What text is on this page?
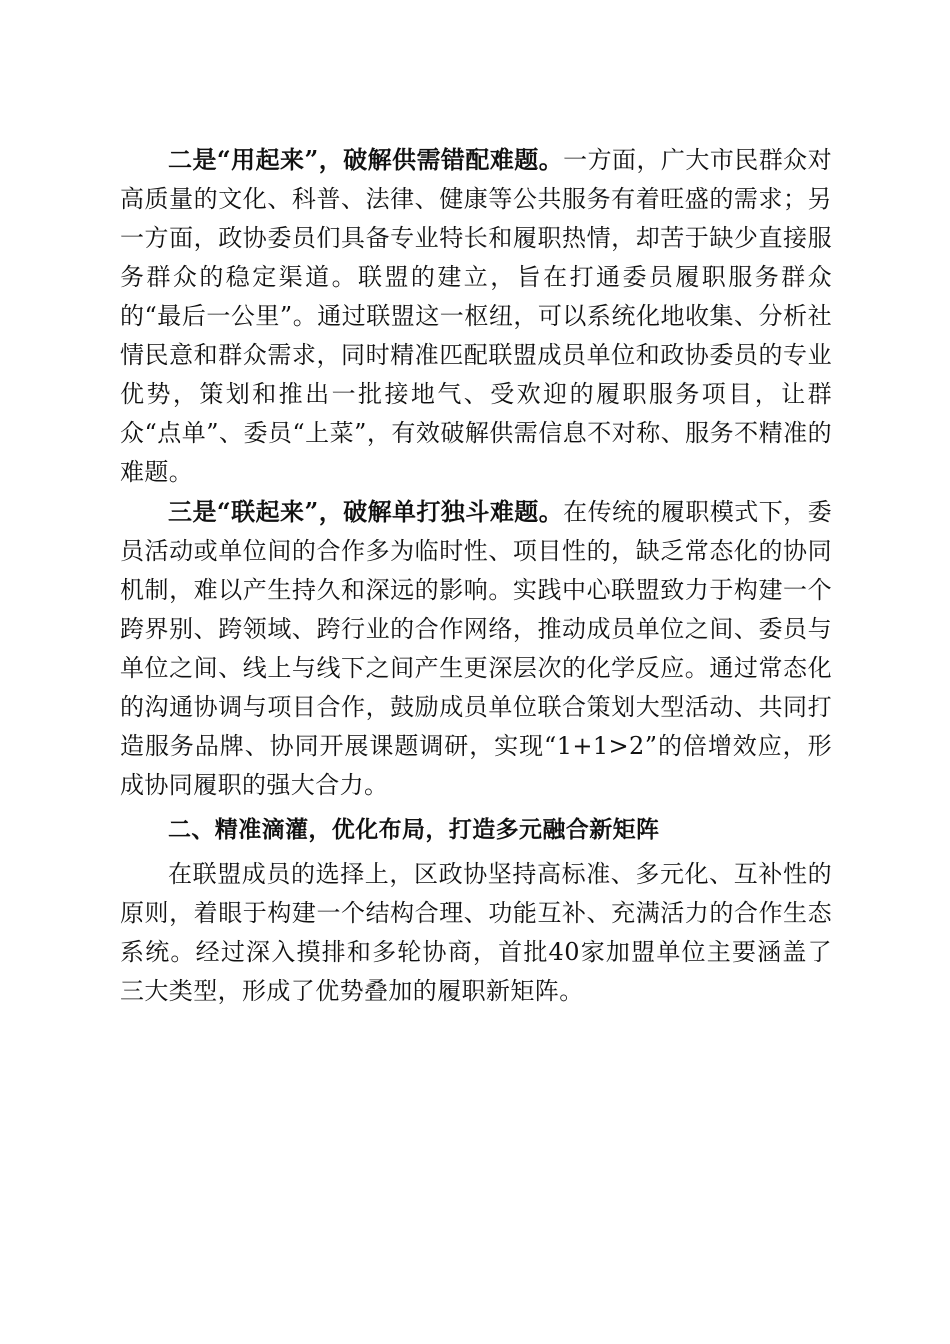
二是“用起来”，破解供需错配难题。一方面，广大市民群众对高质量的文化、科普、法律、健康等公共服务有着旺盛的需求；另一方面，政协委员们具备专业特长和履职热情，却苦于缺少直接服务群众的稳定渠道。联盟的建立，旨在打通委员履职服务群众的“最后一公里”。通过联盟这一枢纽，可以系统化地收集、分析社情民意和群众需求，同时精准匹配联盟成员单位和政协委员的专业优势，策划和推出一批接地气、受欢迎的履职服务项目，让群众“点单”、委员“上菜”，有效破解供需信息不对称、服务不精准的难题。

三是“联起来”，破解单打独斗难题。在传统的履职模式下，委员活动或单位间的合作多为临时性、项目性的，缺乏常态化的协同机制，难以产生持久和深远的影响。实践中心联盟致力于构建一个跨界别、跨领域、跨行业的合作网络，推动成员单位之间、委员与单位之间、线上与线下之间产生更深层次的化学反应。通过常态化的沟通协调与项目合作，鼓励成员单位联合策划大型活动、共同打造服务品牌、协同开展课题调研，实现“1+1>2”的倍增效应，形成协同履职的强大合力。

二、精准滴灌，优化布局，打造多元融合新矩阵

在联盟成员的选择上，区政协坚持高标准、多元化、互补性的原则，着眼于构建一个结构合理、功能互补、充满活力的合作生态系统。经过深入摸排和多轮协商，首批40家加盟单位主要涵盖了三大类型，形成了优势叠加的履职新矩阵。
